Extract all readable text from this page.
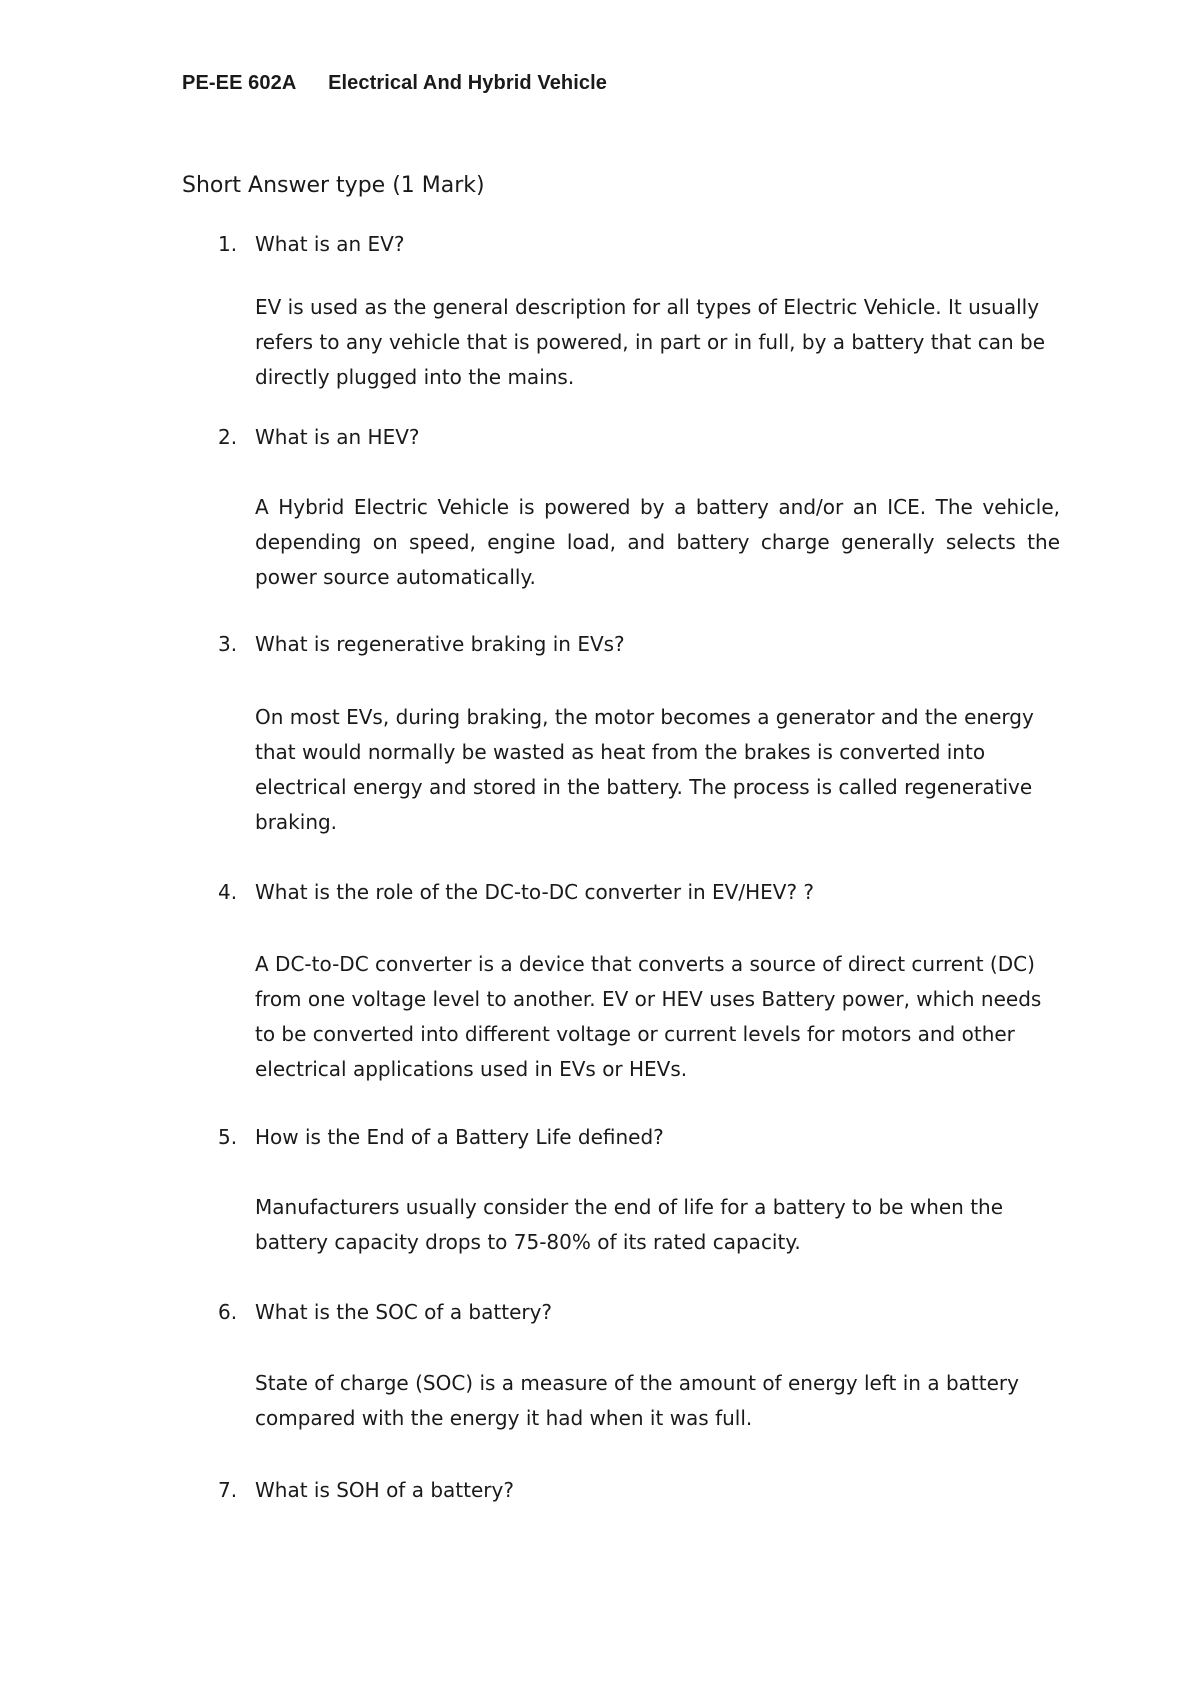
PE-EE 602A Electrical And Hybrid Vehicle
Short Answer type (1 Mark)
1. What is an EV?
EV is used as the general description for all types of Electric Vehicle. It usually refers to any vehicle that is powered, in part or in full, by a battery that can be directly plugged into the mains.
2. What is an HEV?
A Hybrid Electric Vehicle is powered by a battery and/or an ICE. The vehicle, depending on speed, engine load, and battery charge generally selects the power source automatically.
3. What is regenerative braking in EVs?
On most EVs, during braking, the motor becomes a generator and the energy that would normally be wasted as heat from the brakes is converted into electrical energy and stored in the battery. The process is called regenerative braking.
4. What is the role of the DC-to-DC converter in EV/HEV? ?
A DC-to-DC converter is a device that converts a source of direct current (DC) from one voltage level to another. EV or HEV uses Battery power, which needs to be converted into different voltage or current levels for motors and other electrical applications used in EVs or HEVs.
5. How is the End of a Battery Life defined?
Manufacturers usually consider the end of life for a battery to be when the battery capacity drops to 75-80% of its rated capacity.
6. What is the SOC of a battery?
State of charge (SOC) is a measure of the amount of energy left in a battery compared with the energy it had when it was full.
7. What is SOH of a battery?
